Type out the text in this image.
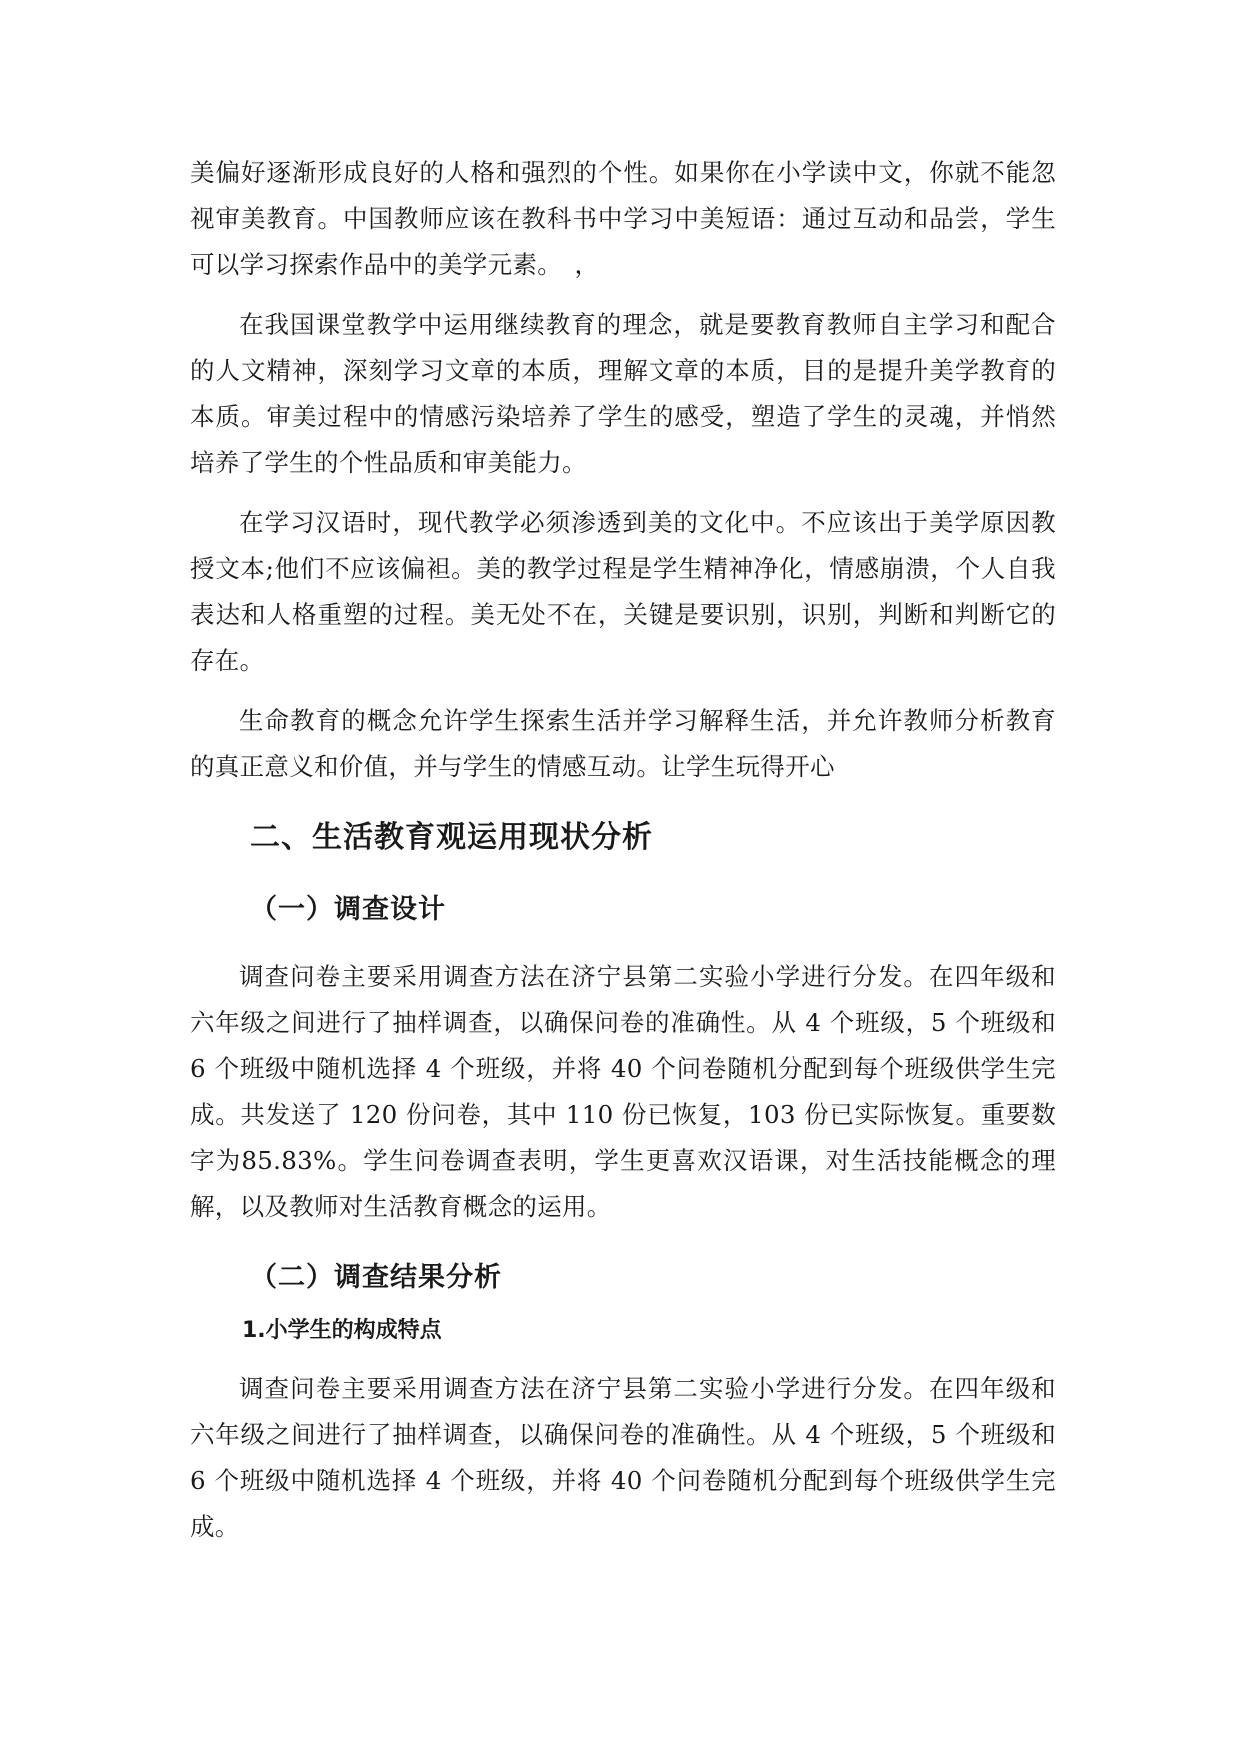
美偏好逐渐形成良好的人格和强烈的个性。如果你在小学读中文，你就不能忽视审美教育。中国教师应该在教科书中学习中美短语：通过互动和品尝，学生可以学习探索作品中的美学元素。　，

在我国课堂教学中运用继续教育的理念，就是要教育教师自主学习和配合的人文精神，深刻学习文章的本质，理解文章的本质，目的是提升美学教育的本质。审美过程中的情感污染培养了学生的感受，塑造了学生的灵魂，并悄然培养了学生的个性品质和审美能力。

在学习汉语时，现代教学必须渗透到美的文化中。不应该出于美学原因教授文本;他们不应该偏袒。美的教学过程是学生精神净化，情感崩溃，个人自我表达和人格重塑的过程。美无处不在，关键是要识别，识别，判断和判断它的存在。

生命教育的概念允许学生探索生活并学习解释生活，并允许教师分析教育的真正意义和价值，并与学生的情感互动。让学生玩得开心

二、生活教育观运用现状分析
（一）调查设计

调查问卷主要采用调查方法在济宁县第二实验小学进行分发。在四年级和六年级之间进行了抽样调查，以确保问卷的准确性。从 4 个班级，5 个班级和 6 个班级中随机选择 4 个班级，并将 40 个问卷随机分配到每个班级供学生完成。共发送了 120 份问卷，其中 110 份已恢复，103 份已实际恢复。重要数字为85.83%。学生问卷调查表明，学生更喜欢汉语课，对生活技能概念的理解，以及教师对生活教育概念的运用。

（二）调查结果分析
1.小学生的构成特点

调查问卷主要采用调查方法在济宁县第二实验小学进行分发。在四年级和六年级之间进行了抽样调查，以确保问卷的准确性。从 4 个班级，5 个班级和 6 个班级中随机选择 4 个班级，并将 40 个问卷随机分配到每个班级供学生完成。
